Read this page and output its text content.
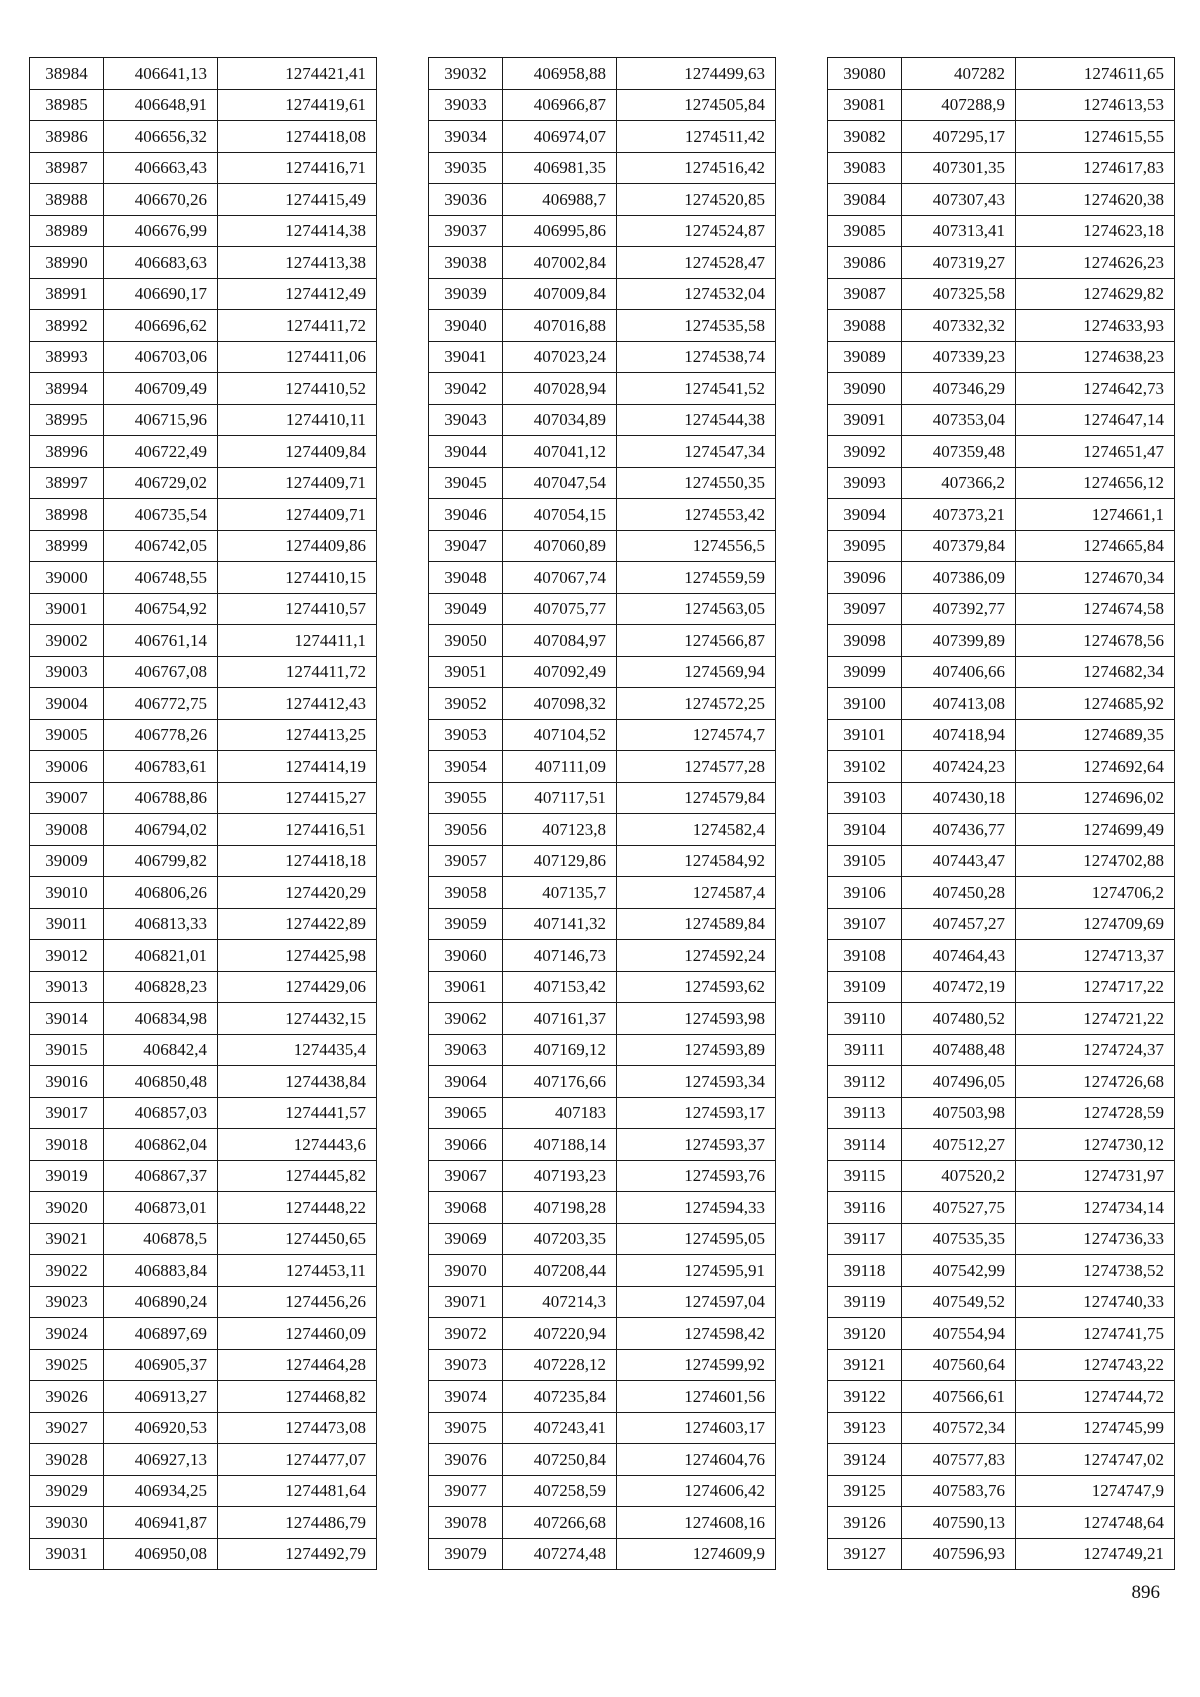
38984	406641,13	1274421,41
38985	406648,91	1274419,61
38986	406656,32	1274418,08
38987	406663,43	1274416,71
38988	406670,26	1274415,49
38989	406676,99	1274414,38
38990	406683,63	1274413,38
38991	406690,17	1274412,49
38992	406696,62	1274411,72
38993	406703,06	1274411,06
38994	406709,49	1274410,52
38995	406715,96	1274410,11
38996	406722,49	1274409,84
38997	406729,02	1274409,71
38998	406735,54	1274409,71
38999	406742,05	1274409,86
39000	406748,55	1274410,15
39001	406754,92	1274410,57
39002	406761,14	1274411,1
39003	406767,08	1274411,72
39004	406772,75	1274412,43
39005	406778,26	1274413,25
39006	406783,61	1274414,19
39007	406788,86	1274415,27
39008	406794,02	1274416,51
39009	406799,82	1274418,18
39010	406806,26	1274420,29
39011	406813,33	1274422,89
39012	406821,01	1274425,98
39013	406828,23	1274429,06
39014	406834,98	1274432,15
39015	406842,4	1274435,4
39016	406850,48	1274438,84
39017	406857,03	1274441,57
39018	406862,04	1274443,6
39019	406867,37	1274445,82
39020	406873,01	1274448,22
39021	406878,5	1274450,65
39022	406883,84	1274453,11
39023	406890,24	1274456,26
39024	406897,69	1274460,09
39025	406905,37	1274464,28
39026	406913,27	1274468,82
39027	406920,53	1274473,08
39028	406927,13	1274477,07
39029	406934,25	1274481,64
39030	406941,87	1274486,79
39031	406950,08	1274492,79
39032	406958,88	1274499,63
39033	406966,87	1274505,84
39034	406974,07	1274511,42
39035	406981,35	1274516,42
39036	406988,7	1274520,85
39037	406995,86	1274524,87
39038	407002,84	1274528,47
39039	407009,84	1274532,04
39040	407016,88	1274535,58
39041	407023,24	1274538,74
39042	407028,94	1274541,52
39043	407034,89	1274544,38
39044	407041,12	1274547,34
39045	407047,54	1274550,35
39046	407054,15	1274553,42
39047	407060,89	1274556,5
39048	407067,74	1274559,59
39049	407075,77	1274563,05
39050	407084,97	1274566,87
39051	407092,49	1274569,94
39052	407098,32	1274572,25
39053	407104,52	1274574,7
39054	407111,09	1274577,28
39055	407117,51	1274579,84
39056	407123,8	1274582,4
39057	407129,86	1274584,92
39058	407135,7	1274587,4
39059	407141,32	1274589,84
39060	407146,73	1274592,24
39061	407153,42	1274593,62
39062	407161,37	1274593,98
39063	407169,12	1274593,89
39064	407176,66	1274593,34
39065	407183	1274593,17
39066	407188,14	1274593,37
39067	407193,23	1274593,76
39068	407198,28	1274594,33
39069	407203,35	1274595,05
39070	407208,44	1274595,91
39071	407214,3	1274597,04
39072	407220,94	1274598,42
39073	407228,12	1274599,92
39074	407235,84	1274601,56
39075	407243,41	1274603,17
39076	407250,84	1274604,76
39077	407258,59	1274606,42
39078	407266,68	1274608,16
39079	407274,48	1274609,9
39080	407282	1274611,65
39081	407288,9	1274613,53
39082	407295,17	1274615,55
39083	407301,35	1274617,83
39084	407307,43	1274620,38
39085	407313,41	1274623,18
39086	407319,27	1274626,23
39087	407325,58	1274629,82
39088	407332,32	1274633,93
39089	407339,23	1274638,23
39090	407346,29	1274642,73
39091	407353,04	1274647,14
39092	407359,48	1274651,47
39093	407366,2	1274656,12
39094	407373,21	1274661,1
39095	407379,84	1274665,84
39096	407386,09	1274670,34
39097	407392,77	1274674,58
39098	407399,89	1274678,56
39099	407406,66	1274682,34
39100	407413,08	1274685,92
39101	407418,94	1274689,35
39102	407424,23	1274692,64
39103	407430,18	1274696,02
39104	407436,77	1274699,49
39105	407443,47	1274702,88
39106	407450,28	1274706,2
39107	407457,27	1274709,69
39108	407464,43	1274713,37
39109	407472,19	1274717,22
39110	407480,52	1274721,22
39111	407488,48	1274724,37
39112	407496,05	1274726,68
39113	407503,98	1274728,59
39114	407512,27	1274730,12
39115	407520,2	1274731,97
39116	407527,75	1274734,14
39117	407535,35	1274736,33
39118	407542,99	1274738,52
39119	407549,52	1274740,33
39120	407554,94	1274741,75
39121	407560,64	1274743,22
39122	407566,61	1274744,72
39123	407572,34	1274745,99
39124	407577,83	1274747,02
39125	407583,76	1274747,9
39126	407590,13	1274748,64
39127	407596,93	1274749,21
896
